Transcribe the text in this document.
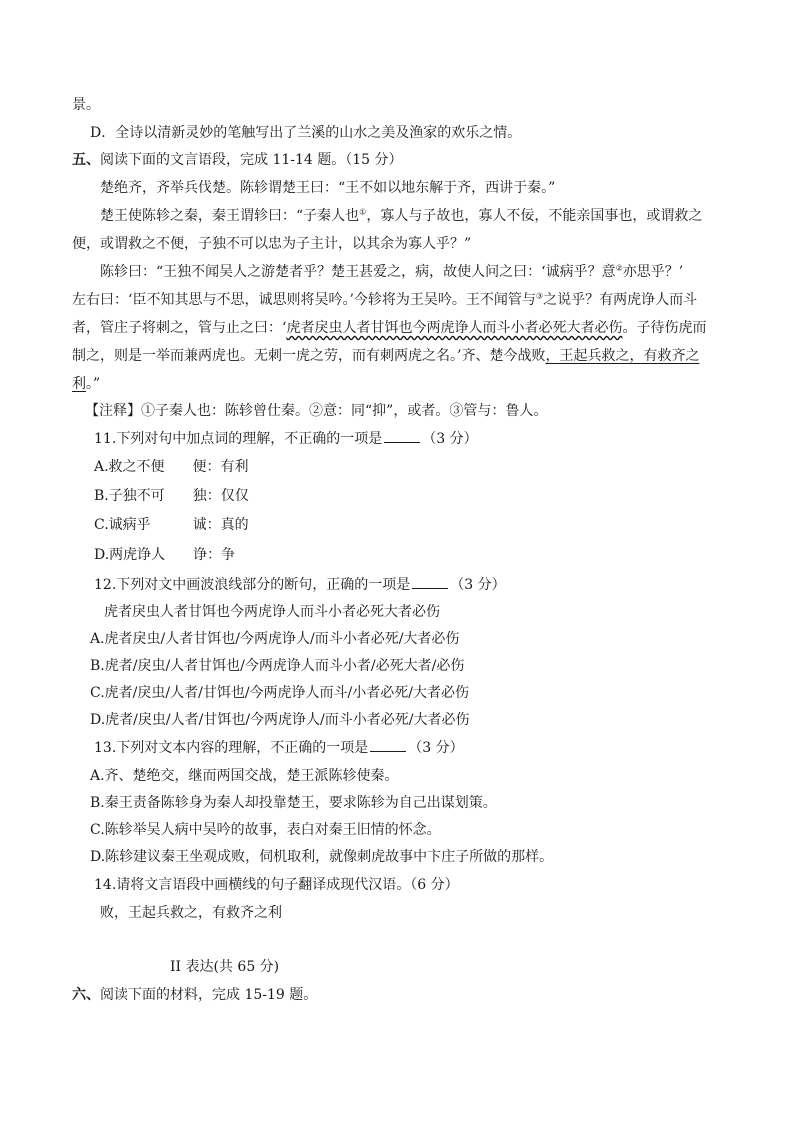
景。
D．全诗以清新灵妙的笔触写出了兰溪的山水之美及渔家的欢乐之情。
五、阅读下面的文言语段，完成 11-14 题。（15 分）
楚绝齐，齐举兵伐楚。陈轸谓楚王曰：“王不如以地东解于齐，西讲于秦。”
楚王使陈轸之秦，秦王谓轸曰：“子秦人也①，寡人与子故也，寡人不佞，不能亲国事也，或谓救之
便，或谓救之不便，子独不可以忠为子主计，以其余为寡人乎？”
陈轸曰：“王独不闻吴人之游楚者乎？楚王甚爱之，病，故使人问之曰：‘诚病乎？意②亦思乎？’
左右曰：‘臣不知其思与不思，诚思则将吴吟。’今轸将为王吴吟。王不闻管与③之说乎？有两虎诤人而斗
者，管庄子将刺之，管与止之曰：‘虎者戾虫人者甘饵也今两虎诤人而斗小者必死大者必伤。子待伤虎而
制之，则是一举而兼两虎也。无刺一虎之劳，而有刺两虎之名。’齐、楚今战败，王起兵救之，有救齐之
利。”
【注释】①子秦人也：陈轸曾仕秦。②意：同“抑”，或者。③管与：鲁人。
11.下列对句中加点词的理解，不正确的一项是	（3 分）
A.救之不便　　便：有利
B.子独不可　　独：仅仅
C.诚病乎　　　诚：真的
D.两虎诤人　　诤：争
12.下列对文中画波浪线部分的断句，正确的一项是	（3 分）
虎者戾虫人者甘饵也今两虎诤人而斗小者必死大者必伤
A.虎者戾虫/人者甘饵也/今两虎诤人/而斗小者必死/大者必伤
B.虎者/戾虫/人者甘饵也/今两虎诤人而斗小者/必死大者/必伤
C.虎者/戾虫/人者/甘饵也/今两虎诤人而斗/小者必死/大者必伤
D.虎者/戾虫/人者/甘饵也/今两虎诤人/而斗小者必死/大者必伤
13.下列对文本内容的理解，不正确的一项是	（3 分）
A.齐、楚绝交，继而两国交战，楚王派陈轸使秦。
B.秦王责备陈轸身为秦人却投靠楚王，要求陈轸为自己出谋划策。
C.陈轸举吴人病中吴吟的故事，表白对秦王旧情的怀念。
D.陈轸建议秦王坐观成败，伺机取利，就像刺虎故事中卞庄子所做的那样。
14.请将文言语段中画横线的句子翻译成现代汉语。（6 分）
败，王起兵救之，有救齐之利
II 表达(共 65 分)
六、阅读下面的材料，完成 15-19 题。
